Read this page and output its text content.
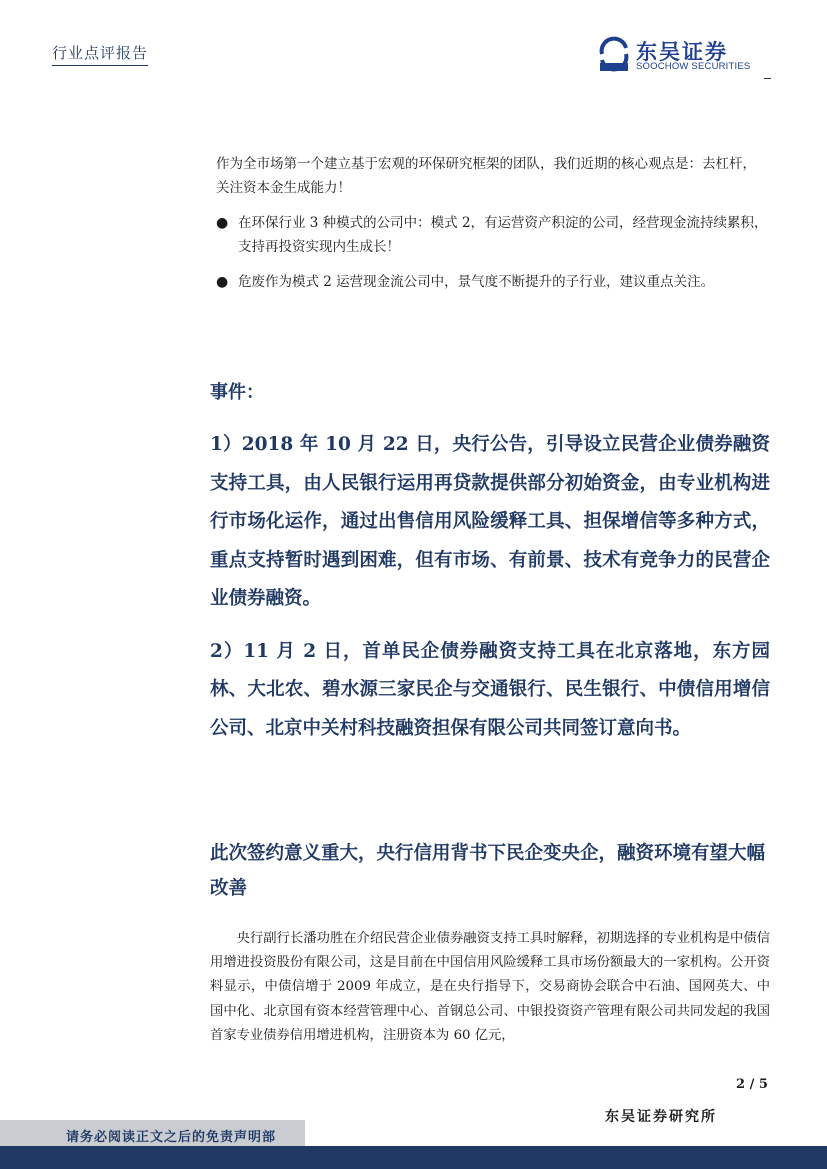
行业点评报告	东吴证券
SOOCHOW SECURITIES

作为全市场第一个建立基于宏观的环保研究框架的团队，我们近期的核心观点是：去杠杆，关注资本金生成能力！

● 在环保行业 3 种模式的公司中：模式 2，有运营资产积淀的公司，经营现金流持续累积，支持再投资实现内生成长！

● 危废作为模式 2 运营现金流公司中，景气度不断提升的子行业，建议重点关注。

事件：

1）2018 年 10 月 22 日，央行公告，引导设立民营企业债券融资支持工具，由人民银行运用再贷款提供部分初始资金，由专业机构进行市场化运作，通过出售信用风险缓释工具、担保增信等多种方式，重点支持暂时遇到困难，但有市场、有前景、技术有竞争力的民营企业债券融资。

2）11 月 2 日，首单民企债券融资支持工具在北京落地，东方园林、大北农、碧水源三家民企与交通银行、民生银行、中债信用增信公司、北京中关村科技融资担保有限公司共同签订意向书。

此次签约意义重大，央行信用背书下民企变央企，融资环境有望大幅改善
央行副行长潘功胜在介绍民营企业债券融资支持工具时解释，初期选择的专业机构是中债信用增进投资股份有限公司，这是目前在中国信用风险缓释工具市场份额最大的一家机构。公开资料显示，中债信增于 2009 年成立，是在央行指导下，交易商协会联合中石油、国网英大、中国中化、北京国有资本经营管理中心、首钢总公司、中银投资资产管理有限公司共同发起的我国首家专业债券信用增进机构，注册资本为 60 亿元，
2 / 5
东吴证券研究所
请务必阅读正文之后的免责声明部
